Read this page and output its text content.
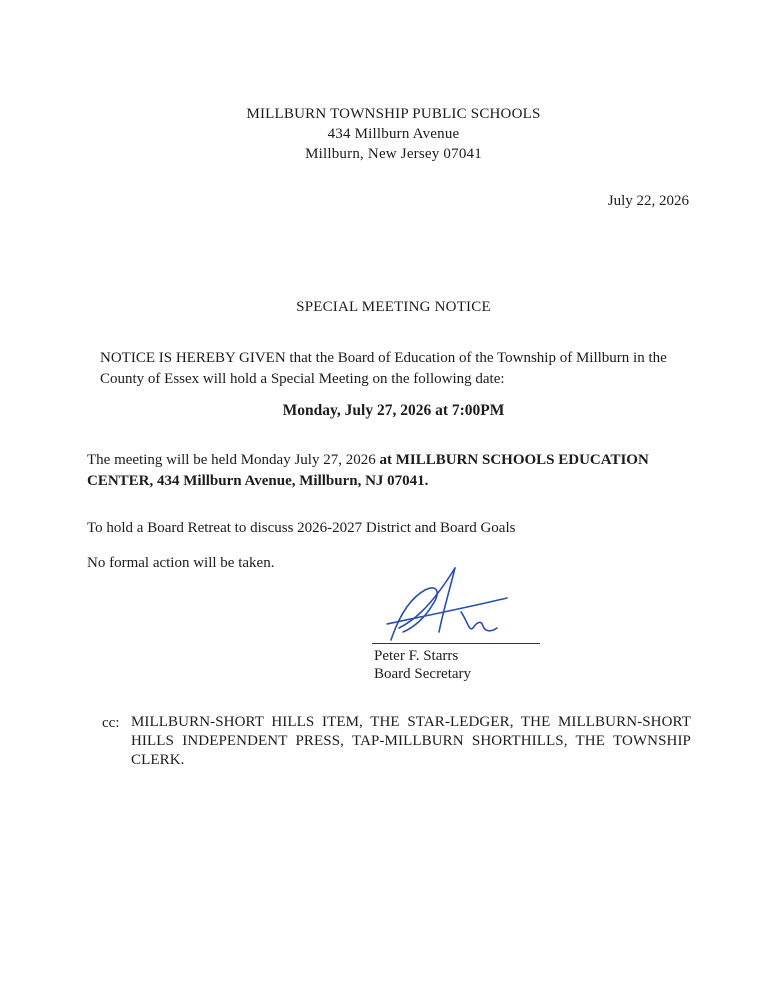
MILLBURN TOWNSHIP PUBLIC SCHOOLS
434 Millburn Avenue
Millburn, New Jersey 07041
July 22, 2026
SPECIAL MEETING NOTICE
NOTICE IS HEREBY GIVEN that the Board of Education of the Township of Millburn in the County of Essex will hold a Special Meeting on the following date:
Monday, July 27, 2026 at 7:00PM
The meeting will be held Monday July 27, 2026 at MILLBURN SCHOOLS EDUCATION CENTER, 434 Millburn Avenue, Millburn, NJ 07041.
To hold a Board Retreat to discuss 2026-2027 District and Board Goals
No formal action will be taken.
Peter F. Starrs
Board Secretary
cc: MILLBURN-SHORT HILLS ITEM, THE STAR-LEDGER, THE MILLBURN-SHORT HILLS INDEPENDENT PRESS, TAP-MILLBURN SHORTHILLS, THE TOWNSHIP CLERK.
